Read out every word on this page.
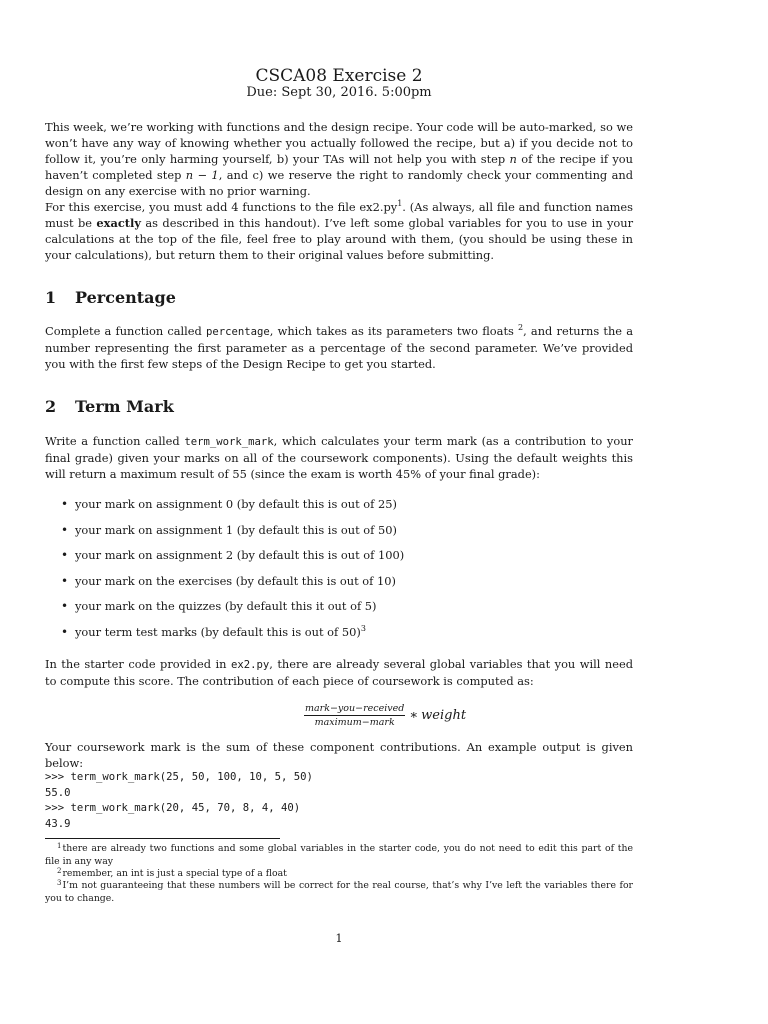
CSCA08 Exercise 2
Due: Sept 30, 2016. 5:00pm

This week, we’re working with functions and the design recipe. Your code will be auto-marked, so we won’t have any way of knowing whether you actually followed the recipe, but a) if you decide not to follow it, you’re only harming yourself, b) your TAs will not help you with step n of the recipe if you haven’t completed step n − 1, and c) we reserve the right to randomly check your commenting and design on any exercise with no prior warning.

For this exercise, you must add 4 functions to the file $ex2.py^1$. (As always, all file and function names must be exactly as described in this handout). I’ve left some global variables for you to use in your calculations at the top of the file, feel free to play around with them, (you should be using these in your calculations), but return them to their original values before submitting.

1 Percentage

Complete a function called percentage, which takes as its parameters two floats $^2$, and returns the a number representing the first parameter as a percentage of the second parameter. We’ve provided you with the first few steps of the Design Recipe to get you started.

2 Term Mark

Write a function called term_work_mark, which calculates your term mark (as a contribution to your final grade) given your marks on all of the coursework components). Using the default weights this will return a maximum result of 55 (since the exam is worth 45% of your final grade):

• your mark on assignment 0 (by default this is out of 25)
• your mark on assignment 1 (by default this is out of 50)
• your mark on assignment 2 (by default this is out of 100)
• your mark on the exercises (by default this is out of 10)
• your mark on the quizzes (by default this it out of 5)
• your term test marks (by default this is out of 50)$^3$

In the starter code provided in ex2.py, there are already several global variables that you will need to compute this score. The contribution of each piece of coursework is computed as:

$\frac{\text{mark−you−received}}{\text{maximum−mark}}$ ∗ weight

Your coursework mark is the sum of these component contributions. An example output is given below:

>>> term_work_mark(25, 50, 100, 10, 5, 50)
55.0
>>> term_work_mark(20, 45, 70, 8, 4, 40)
43.9

$^1$there are already two functions and some global variables in the starter code, you do not need to edit this part of the file in any way

$^2$remember, an int is just a special type of a float

$^3$I’m not guaranteeing that these numbers will be correct for the real course, that’s why I’ve left the variables there for you to change.

1
